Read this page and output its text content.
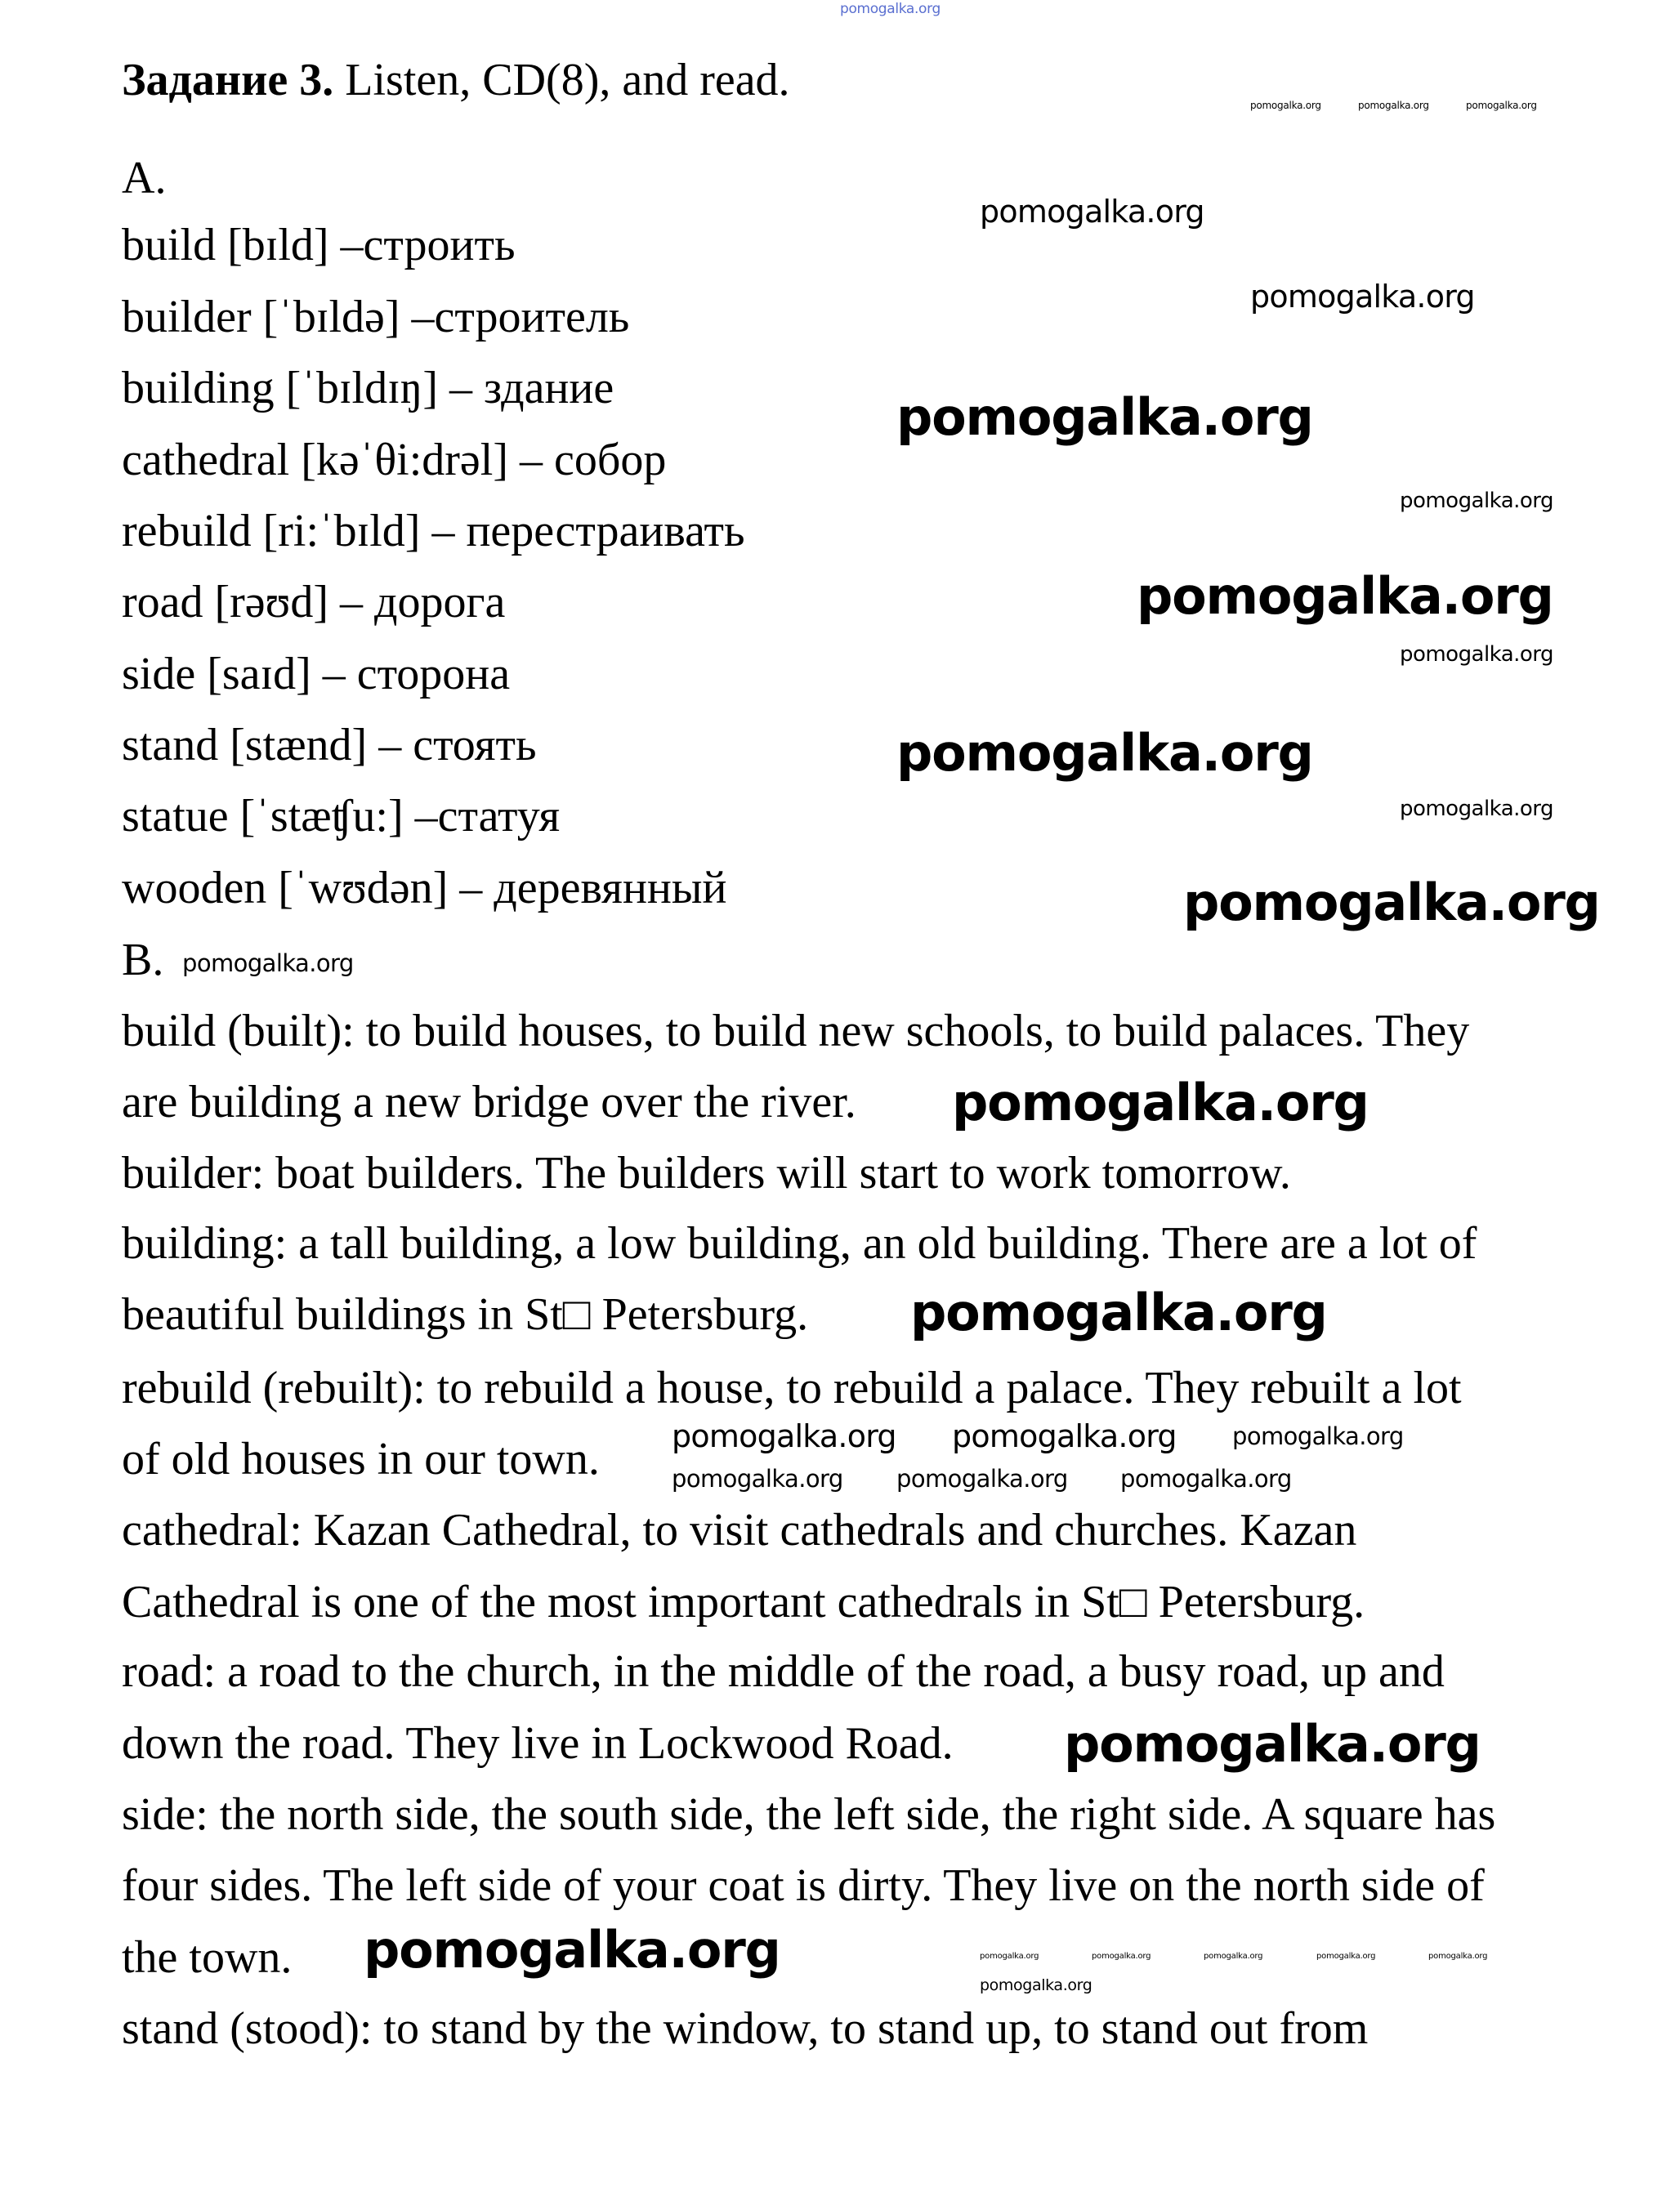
Задание 3. Listen, CD(8), and read.
A.
B.
build [bɪld] –строить
builder [ˈbɪldə] –строитель
building [ˈbɪldɪŋ] – здание
cathedral [kəˈθi:drəl] – собор
rebuild [ri:ˈbɪld] – перестраивать
road [rəʊd] – дорога
side [saɪd] – сторона
stand [stænd] – стоять
statue [ˈstæʧu:] –статуя
wooden [ˈwʊdən] – деревянный
build (built): to build houses, to build new schools, to build palaces. They
are building a new bridge over the river.
builder: boat builders. The builders will start to work tomorrow.
building: a tall building, a low building, an old building. There are a lot of
beautiful buildings in St□ Petersburg.
rebuild (rebuilt): to rebuild a house, to rebuild a palace. They rebuilt a lot
of old houses in our town.
cathedral: Kazan Cathedral, to visit cathedrals and churches. Kazan
Cathedral is one of the most important cathedrals in St□ Petersburg.
road: a road to the church, in the middle of the road, a busy road, up and
down the road. They live in Lockwood Road.
side: the north side, the south side, the left side, the right side. A square has
four sides. The left side of your coat is dirty. They live on the north side of
the town.
stand (stood): to stand by the window, to stand up, to stand out from
pomogalka.org
pomogalka.org	pomogalka.org	pomogalka.org
pomogalka.org
pomogalka.org
pomogalka.org
pomogalka.org
pomogalka.org
pomogalka.org
pomogalka.org
pomogalka.org
pomogalka.org
pomogalka.org
pomogalka.org
pomogalka.org
pomogalka.org pomogalka.org pomogalka.org
pomogalka.org pomogalka.org pomogalka.org
pomogalka.org
pomogalka.org	pomogalka.org	pomogalka.org	pomogalka.org	pomogalka.org	pomogalka.org
pomogalka.org
